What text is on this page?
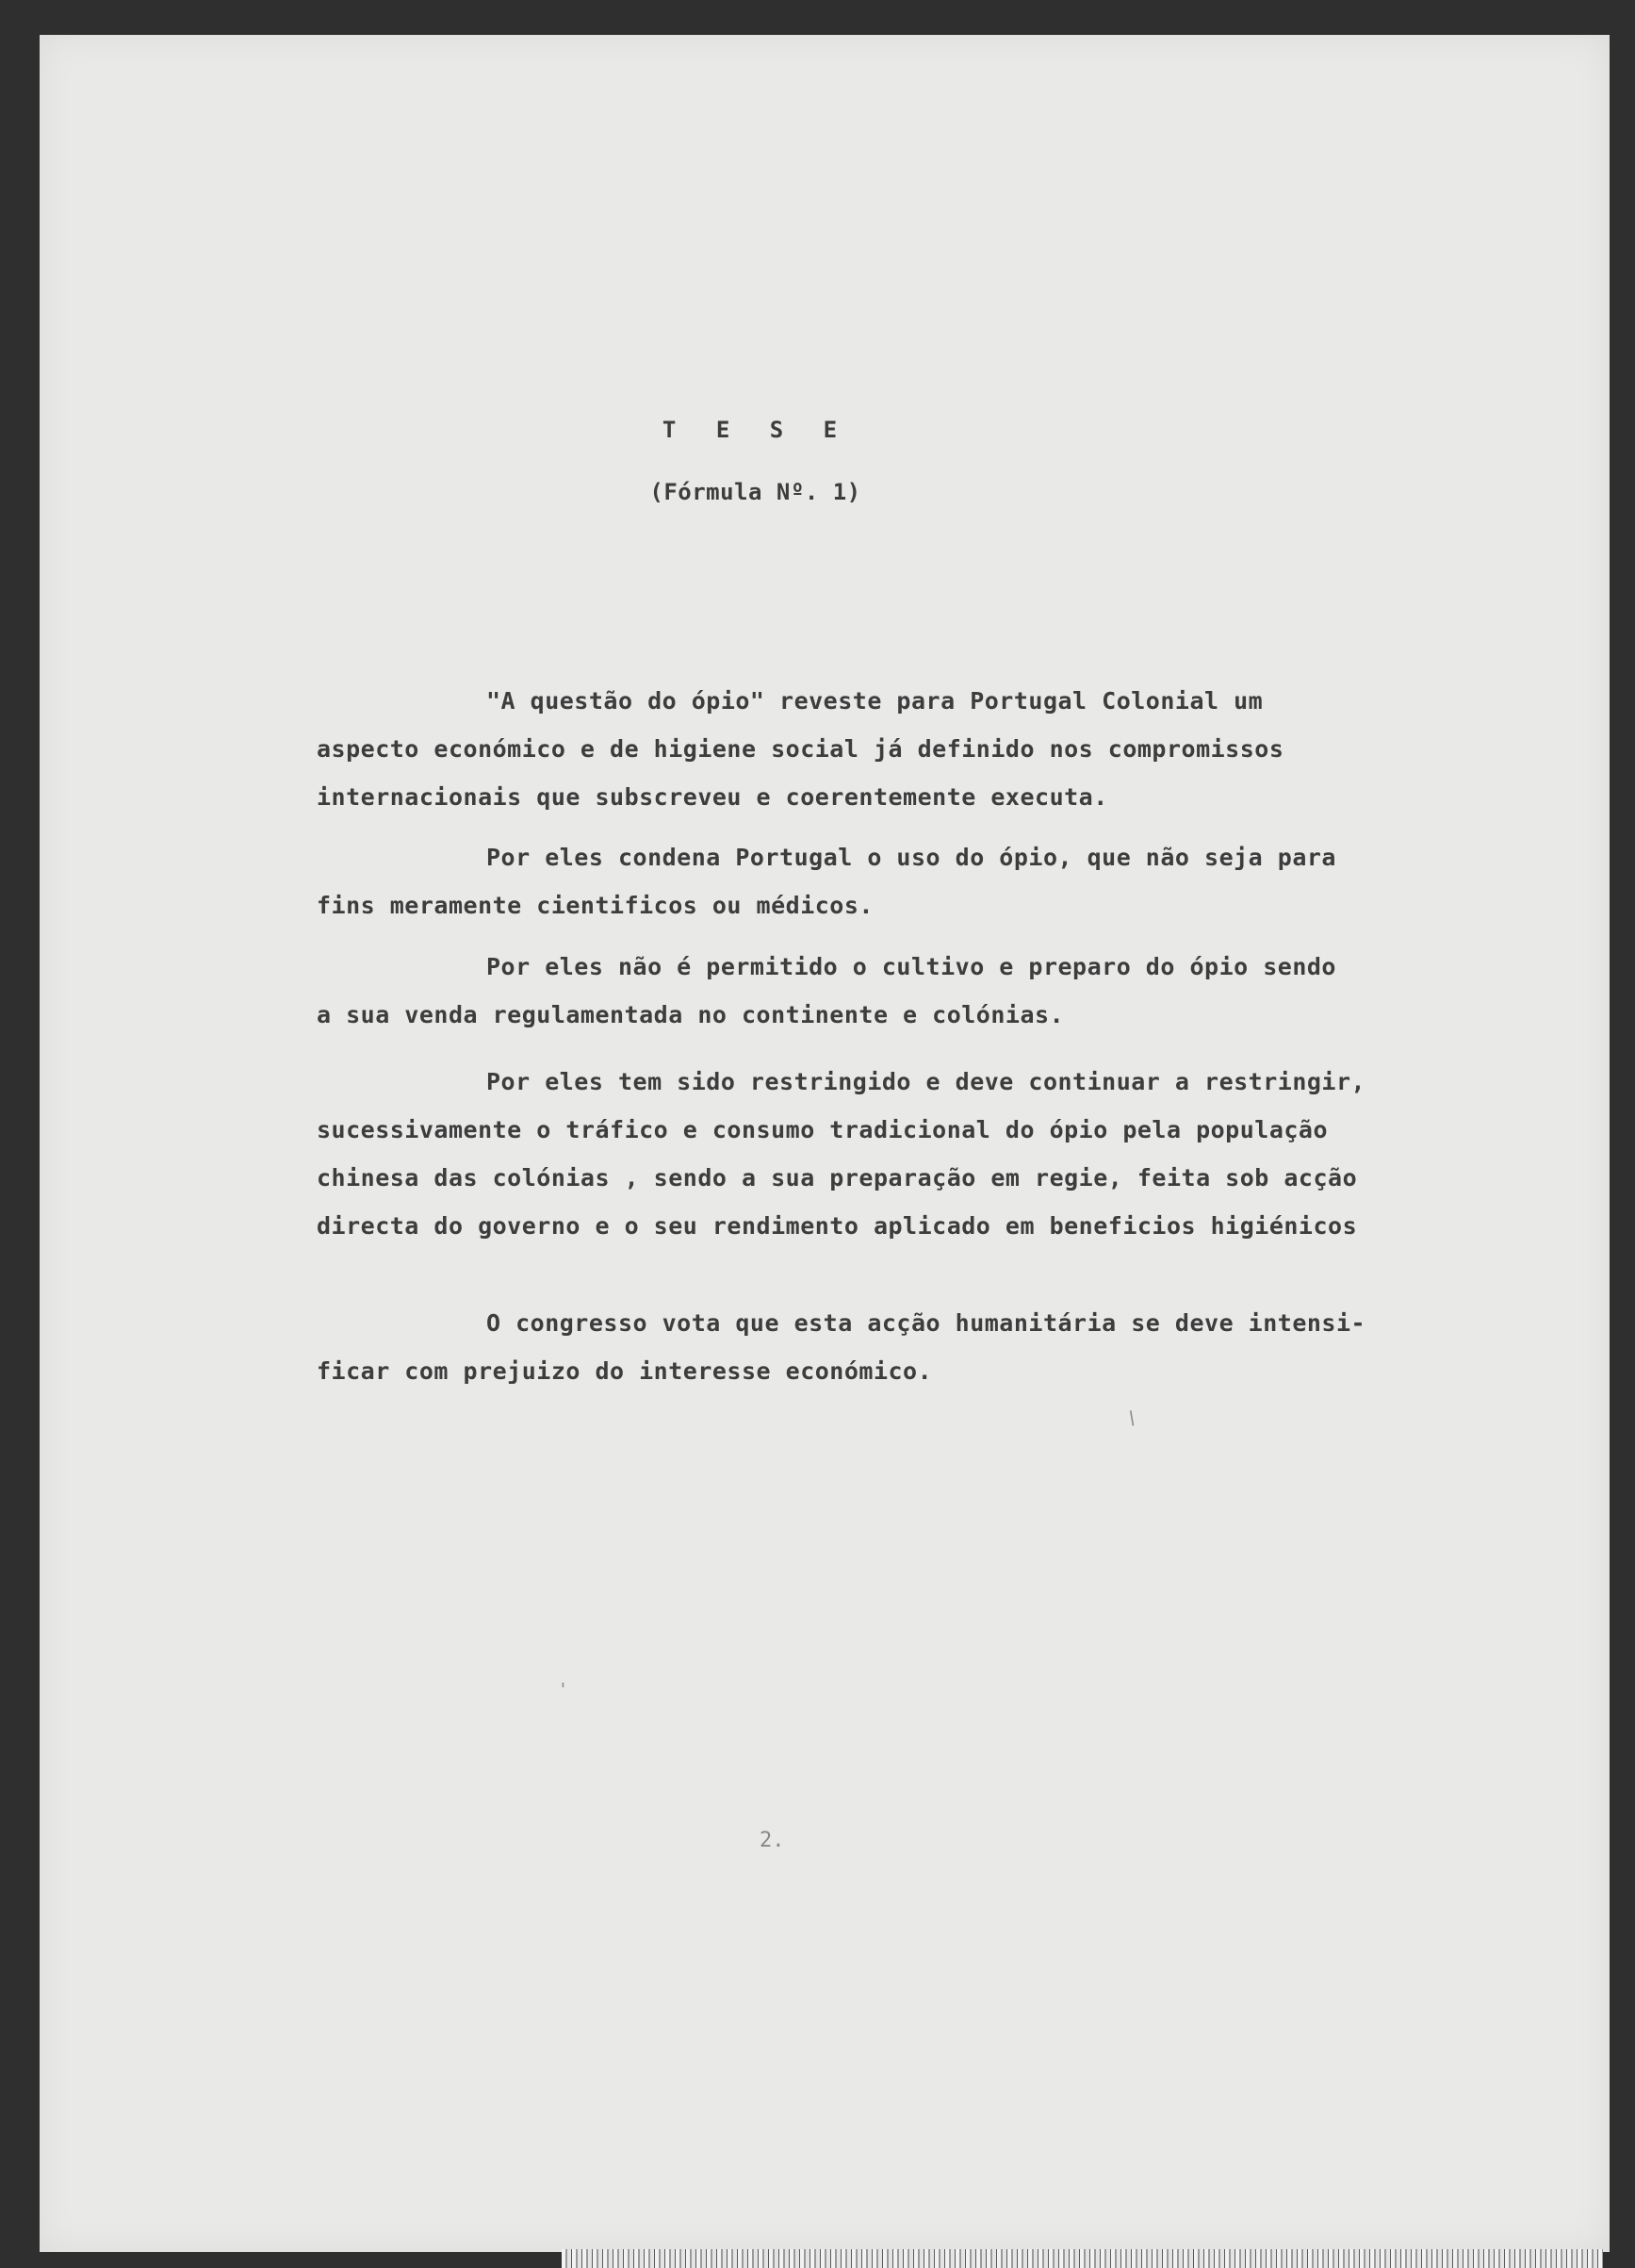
T E S E
(Fórmula Nº. 1)
"A questão do ópio" reveste para Portugal Colonial um
aspecto económico e de higiene social já definido nos compromissos
internacionais que subscreveu e coerentemente executa.
Por eles condena Portugal o uso do ópio, que não seja para
fins meramente cientificos ou médicos.
Por eles não é permitido o cultivo e preparo do ópio sendo
a sua venda regulamentada no continente e colónias.
Por eles tem sido restringido e deve continuar a restringir,
sucessivamente o tráfico e consumo tradicional do ópio pela população
chinesa das colónias , sendo a sua preparação em regie, feita sob acção
directa do governo e o seu rendimento aplicado em beneficios higiénicos
O congresso vota que esta acção humanitária se deve intensi-
ficar com prejuizo do interesse económico.
/
'
2.
